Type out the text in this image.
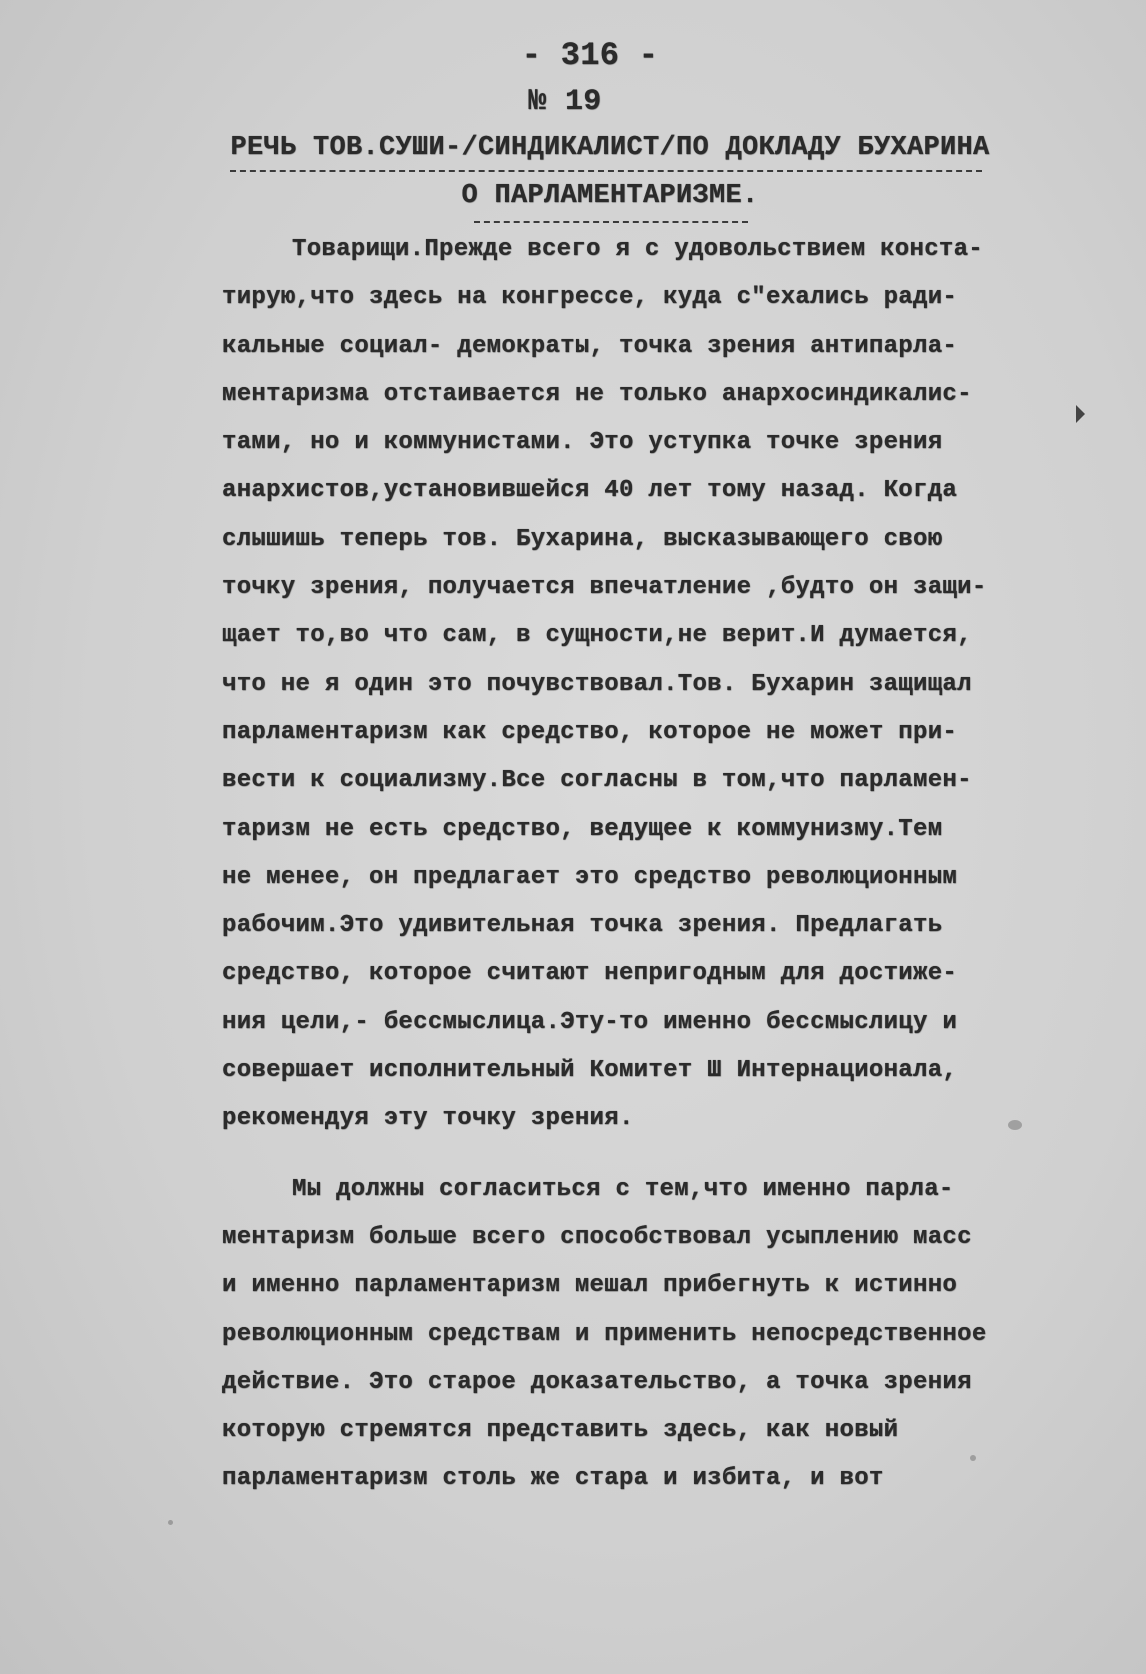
- 316 -
№ 19
РЕЧЬ ТОВ.СУШИ-/СИНДИКАЛИСТ/ПО ДОКЛАДУ БУХАРИНА
О ПАРЛАМЕНТАРИЗМЕ.
Товарищи.Прежде всего я с удовольствием конста-
тирую,что здесь на конгрессе, куда с"ехались ради-
кальные социал- демократы, точка зрения антипарла-
ментаризма отстаивается не только анархосиндикалис-
тами, но и коммунистами. Это уступка точке зрения
анархистов,установившейся 40 лет тому назад. Когда
слышишь теперь тов. Бухарина, высказывающего свою
точку зрения, получается впечатление ,будто он защи-
щает то,во что сам, в сущности,не верит.И думается,
что не я один это почувствовал.Тов. Бухарин защищал
парламентаризм как средство, которое не может при-
вести к социализму.Все согласны в том,что парламен-
таризм не есть средство, ведущее к коммунизму.Тем
не менее, он предлагает это средство революционным
рабочим.Это удивительная точка зрения. Предлагать
средство, которое считают непригодным для достиже-
ния цели,- бессмыслица.Эту-то именно бессмыслицу и
совершает исполнительный Комитет Ш Интернационала,
рекомендуя эту точку зрения.
Мы должны согласиться с тем,что именно парла-
ментаризм больше всего способствовал усыплению масс
и именно парламентаризм мешал прибегнуть к истинно
революционным средствам и применить непосредственное
действие. Это старое доказательство, а точка зрения
которую стремятся представить здесь, как новый
парламентаризм столь же стара и избита, и вот
